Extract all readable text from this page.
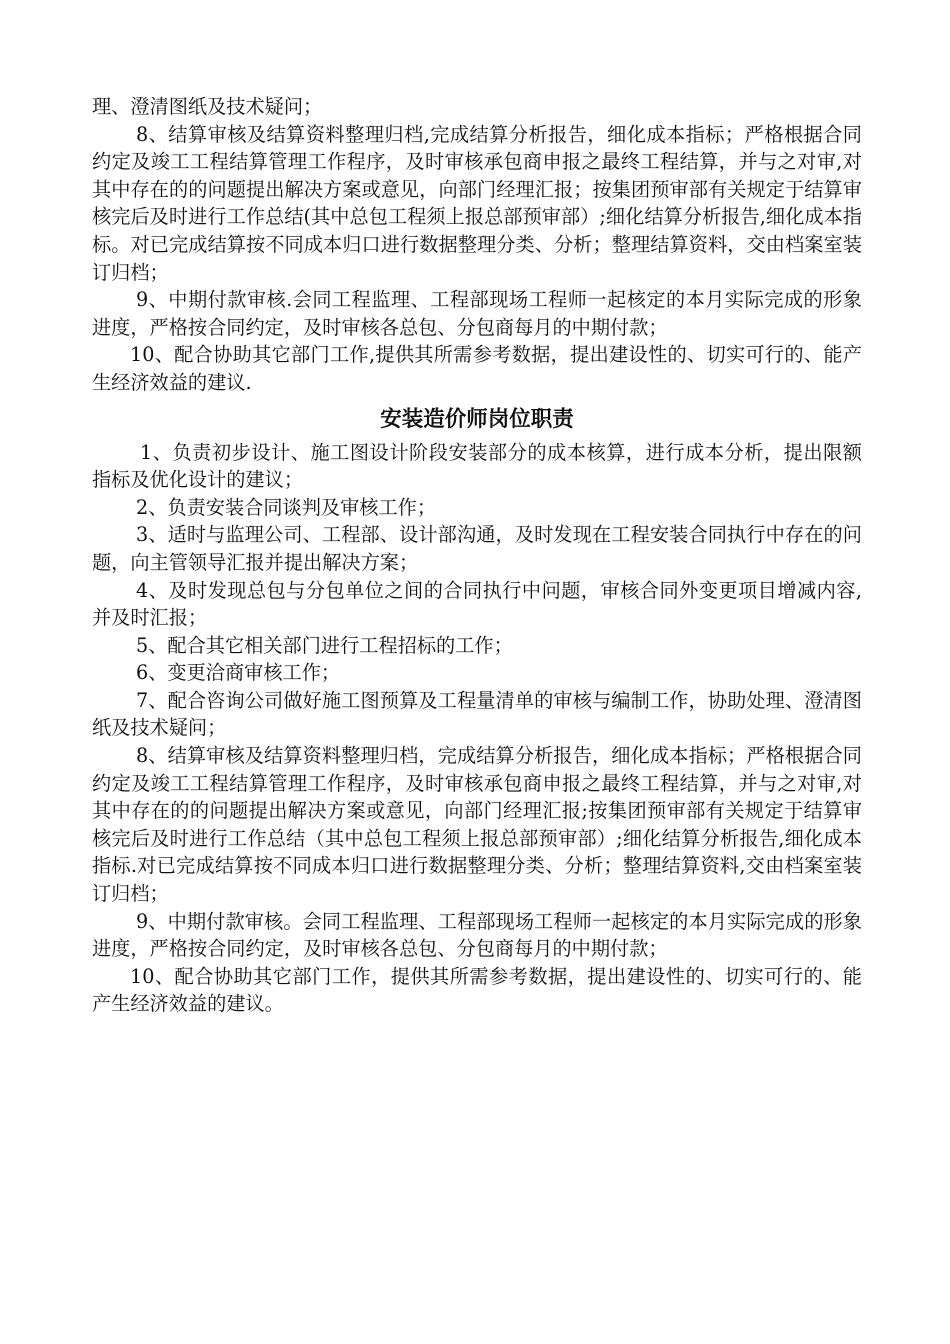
理、澄清图纸及技术疑问；

8、结算审核及结算资料整理归档,完成结算分析报告，细化成本指标；严格根据合同约定及竣工工程结算管理工作程序，及时审核承包商申报之最终工程结算，并与之对审,对其中存在的的问题提出解决方案或意见，向部门经理汇报；按集团预审部有关规定于结算审核完后及时进行工作总结(其中总包工程须上报总部预审部）;细化结算分析报告,细化成本指标。对已完成结算按不同成本归口进行数据整理分类、分析；整理结算资料，交由档案室装订归档；

9、中期付款审核.会同工程监理、工程部现场工程师一起核定的本月实际完成的形象进度，严格按合同约定，及时审核各总包、分包商每月的中期付款；

10、配合协助其它部门工作,提供其所需参考数据，提出建设性的、切实可行的、能产生经济效益的建议.

安装造价师岗位职责

1、负责初步设计、施工图设计阶段安装部分的成本核算，进行成本分析，提出限额指标及优化设计的建议；

2、负责安装合同谈判及审核工作；

3、适时与监理公司、工程部、设计部沟通，及时发现在工程安装合同执行中存在的问题，向主管领导汇报并提出解决方案；

4、及时发现总包与分包单位之间的合同执行中问题，审核合同外变更项目增减内容,并及时汇报；

5、配合其它相关部门进行工程招标的工作；

6、变更洽商审核工作；

7、配合咨询公司做好施工图预算及工程量清单的审核与编制工作，协助处理、澄清图纸及技术疑问；

8、结算审核及结算资料整理归档，完成结算分析报告，细化成本指标；严格根据合同约定及竣工工程结算管理工作程序，及时审核承包商申报之最终工程结算，并与之对审,对其中存在的的问题提出解决方案或意见，向部门经理汇报;按集团预审部有关规定于结算审核完后及时进行工作总结（其中总包工程须上报总部预审部）;细化结算分析报告,细化成本指标.对已完成结算按不同成本归口进行数据整理分类、分析；整理结算资料,交由档案室装订归档；

9、中期付款审核。会同工程监理、工程部现场工程师一起核定的本月实际完成的形象进度，严格按合同约定，及时审核各总包、分包商每月的中期付款；

10、配合协助其它部门工作，提供其所需参考数据，提出建设性的、切实可行的、能产生经济效益的建议。
